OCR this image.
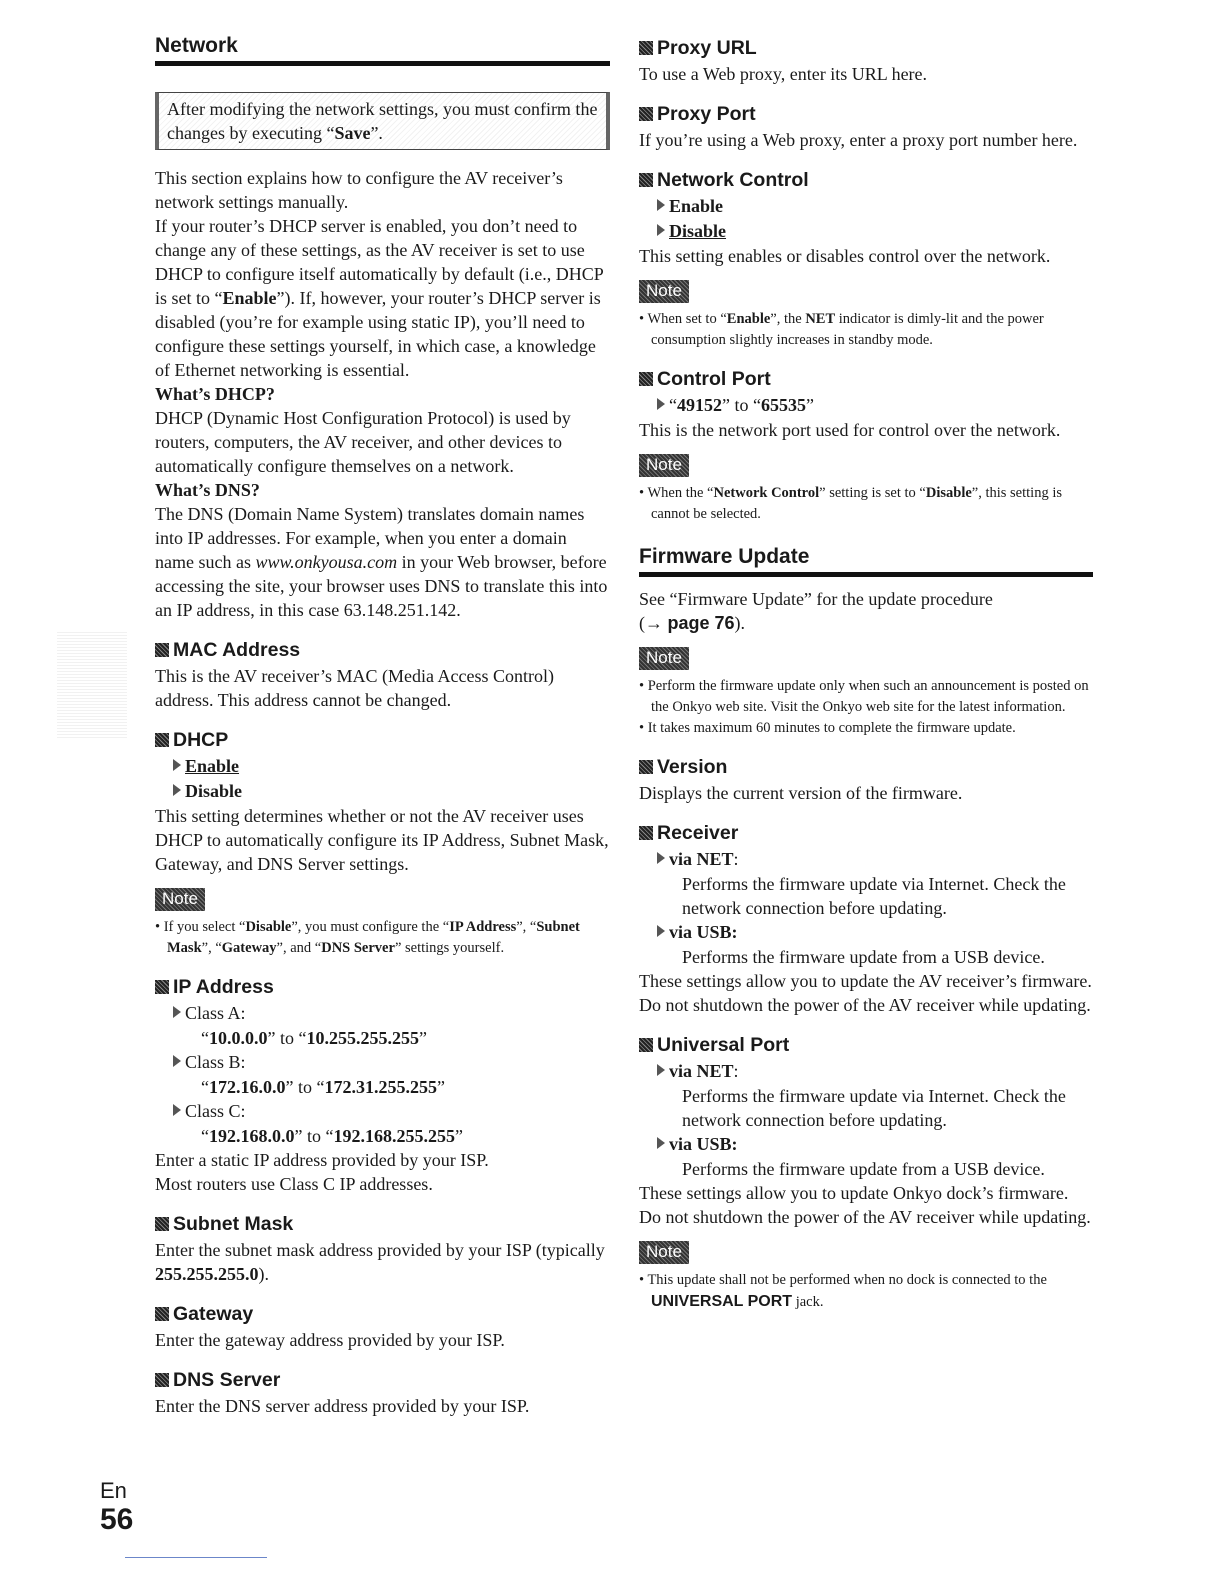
Network
After modifying the network settings, you must confirm the changes by executing “Save”.

This section explains how to configure the AV receiver’s network settings manually.

If your router’s DHCP server is enabled, you don’t need to change any of these settings, as the AV receiver is set to use DHCP to configure itself automatically by default (i.e., DHCP is set to “Enable”). If, however, your router’s DHCP server is disabled (you’re for example using static IP), you’ll need to configure these settings yourself, in which case, a knowledge of Ethernet networking is essential.

What’s DHCP?

DHCP (Dynamic Host Configuration Protocol) is used by routers, computers, the AV receiver, and other devices to automatically configure themselves on a network.

What’s DNS?

The DNS (Domain Name System) translates domain names into IP addresses. For example, when you enter a domain name such as www.onkyousa.com in your Web browser, before accessing the site, your browser uses DNS to translate this into an IP address, in this case 63.148.251.142.

MAC Address

This is the AV receiver’s MAC (Media Access Control) address. This address cannot be changed.

DHCP
Enable
Disable

This setting determines whether or not the AV receiver uses DHCP to automatically configure its IP Address, Subnet Mask, Gateway, and DNS Server settings.

Note

• If you select “Disable”, you must configure the “IP Address”, “Subnet Mask”, “Gateway”, and “DNS Server” settings yourself.

IP Address
Class A:
“10.0.0.0” to “10.255.255.255”
Class B:
“172.16.0.0” to “172.31.255.255”
Class C:
“192.168.0.0” to “192.168.255.255”

Enter a static IP address provided by your ISP.

Most routers use Class C IP addresses.

Subnet Mask

Enter the subnet mask address provided by your ISP (typically 255.255.255.0).

Gateway

Enter the gateway address provided by your ISP.

DNS Server

Enter the DNS server address provided by your ISP.

Proxy URL

To use a Web proxy, enter its URL here.

Proxy Port

If you’re using a Web proxy, enter a proxy port number here.

Network Control
Enable
Disable

This setting enables or disables control over the network.

Note

• When set to “Enable”, the NET indicator is dimly-lit and the power consumption slightly increases in standby mode.

Control Port
“49152” to “65535”

This is the network port used for control over the network.

Note

• When the “Network Control” setting is set to “Disable”, this setting is cannot be selected.

Firmware Update

See “Firmware Update” for the update procedure

(→ page 76).

Note

• Perform the firmware update only when such an announcement is posted on the Onkyo web site. Visit the Onkyo web site for the latest information.

• It takes maximum 60 minutes to complete the firmware update.

Version

Displays the current version of the firmware.

Receiver
via NET:
Performs the firmware update via Internet. Check the network connection before updating.
via USB:
Performs the firmware update from a USB device.

These settings allow you to update the AV receiver’s firmware. Do not shutdown the power of the AV receiver while updating.

Universal Port
via NET:
Performs the firmware update via Internet. Check the network connection before updating.
via USB:
Performs the firmware update from a USB device.

These settings allow you to update Onkyo dock’s firmware. Do not shutdown the power of the AV receiver while updating.

Note

• This update shall not be performed when no dock is connected to the UNIVERSAL PORT jack.

En
56
